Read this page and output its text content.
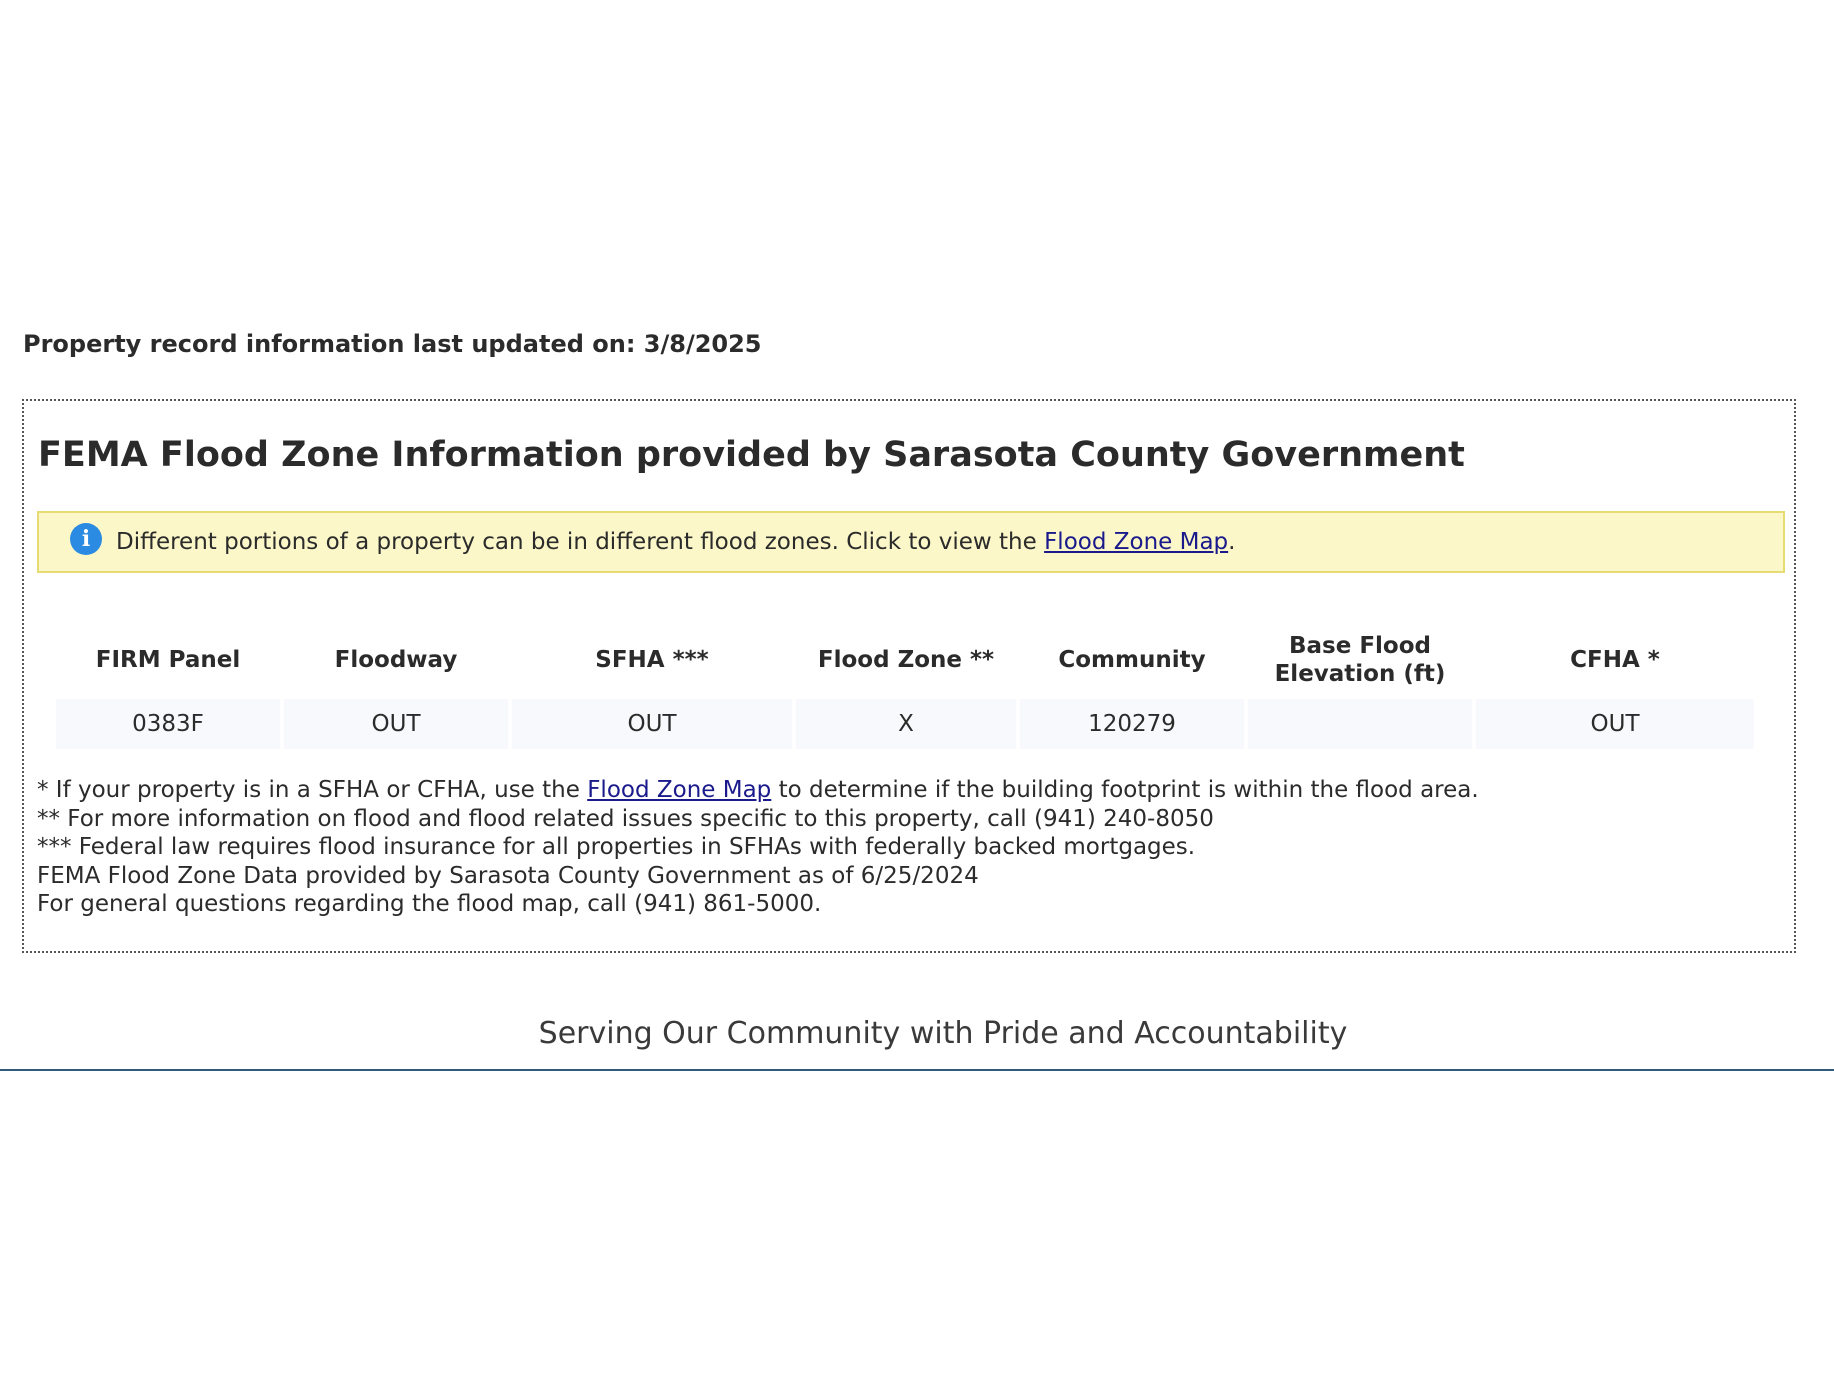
Property record information last updated on: 3/8/2025
FEMA Flood Zone Information provided by Sarasota County Government
i	Different portions of a property can be in different flood zones. Click to view the Flood Zone Map.
FIRM Panel	Floodway	SFHA ***	Flood Zone **	Community	Base Flood Elevation (ft)	CFHA *
0383F	OUT	OUT	X	120279		OUT
* If your property is in a SFHA or CFHA, use the Flood Zone Map to determine if the building footprint is within the flood area.
** For more information on flood and flood related issues specific to this property, call (941) 240-8050
*** Federal law requires flood insurance for all properties in SFHAs with federally backed mortgages.
FEMA Flood Zone Data provided by Sarasota County Government as of 6/25/2024
For general questions regarding the flood map, call (941) 861-5000.
Serving Our Community with Pride and Accountability
